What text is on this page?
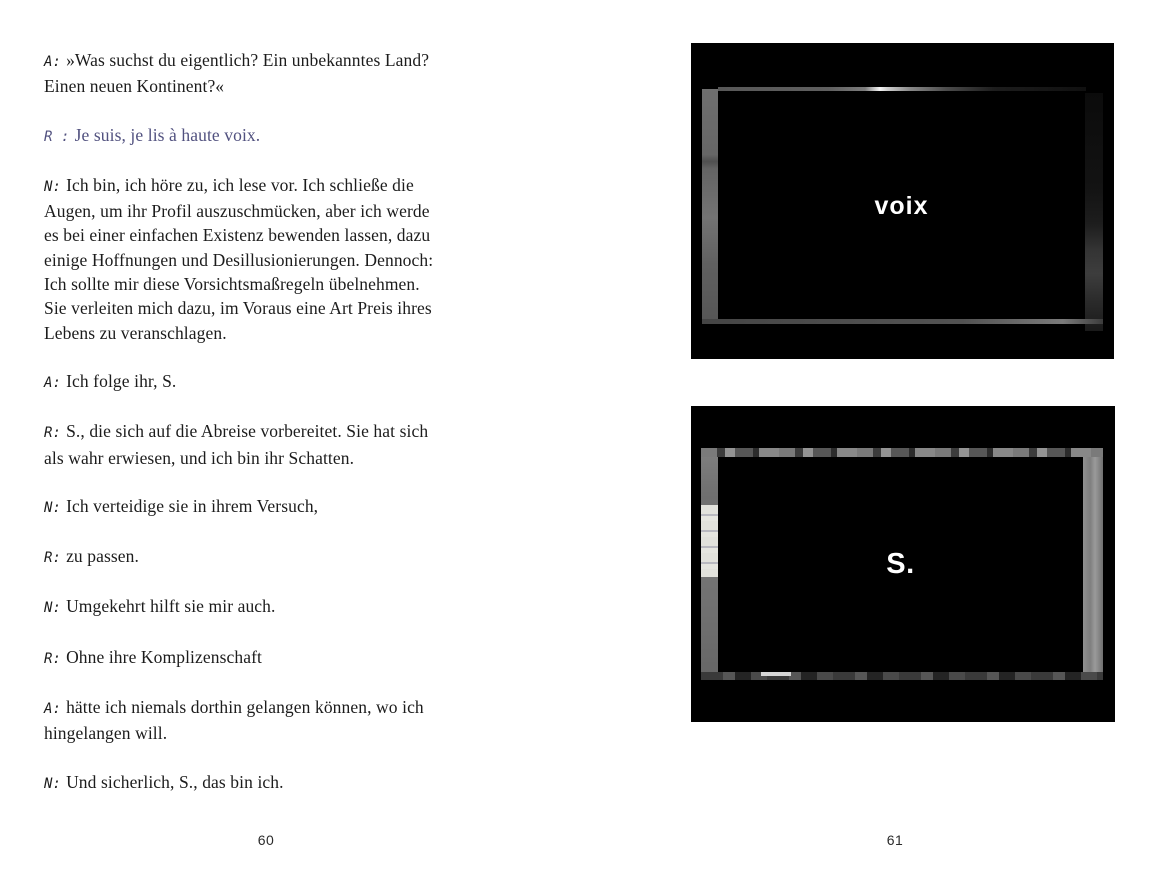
A: »Was suchst du eigentlich? Ein unbekanntes Land?
Einen neuen Kontinent?«

R : Je suis, je lis à haute voix.

N: Ich bin, ich höre zu, ich lese vor. Ich schließe die
Augen, um ihr Profil auszuschmücken, aber ich werde
es bei einer einfachen Existenz bewenden lassen, dazu
einige Hoffnungen und Desillusionierungen. Dennoch:
Ich sollte mir diese Vorsichtsmaßregeln übelnehmen.
Sie verleiten mich dazu, im Voraus eine Art Preis ihres
Lebens zu veranschlagen.

A: Ich folge ihr, S.

R: S., die sich auf die Abreise vorbereitet. Sie hat sich
als wahr erwiesen, und ich bin ihr Schatten.

N: Ich verteidige sie in ihrem Versuch,

R: zu passen.

N: Umgekehrt hilft sie mir auch.

R: Ohne ihre Komplizenschaft

A: hätte ich niemals dorthin gelangen können, wo ich
hingelangen will.

N: Und sicherlich, S., das bin ich.

voix
S.
60	61
